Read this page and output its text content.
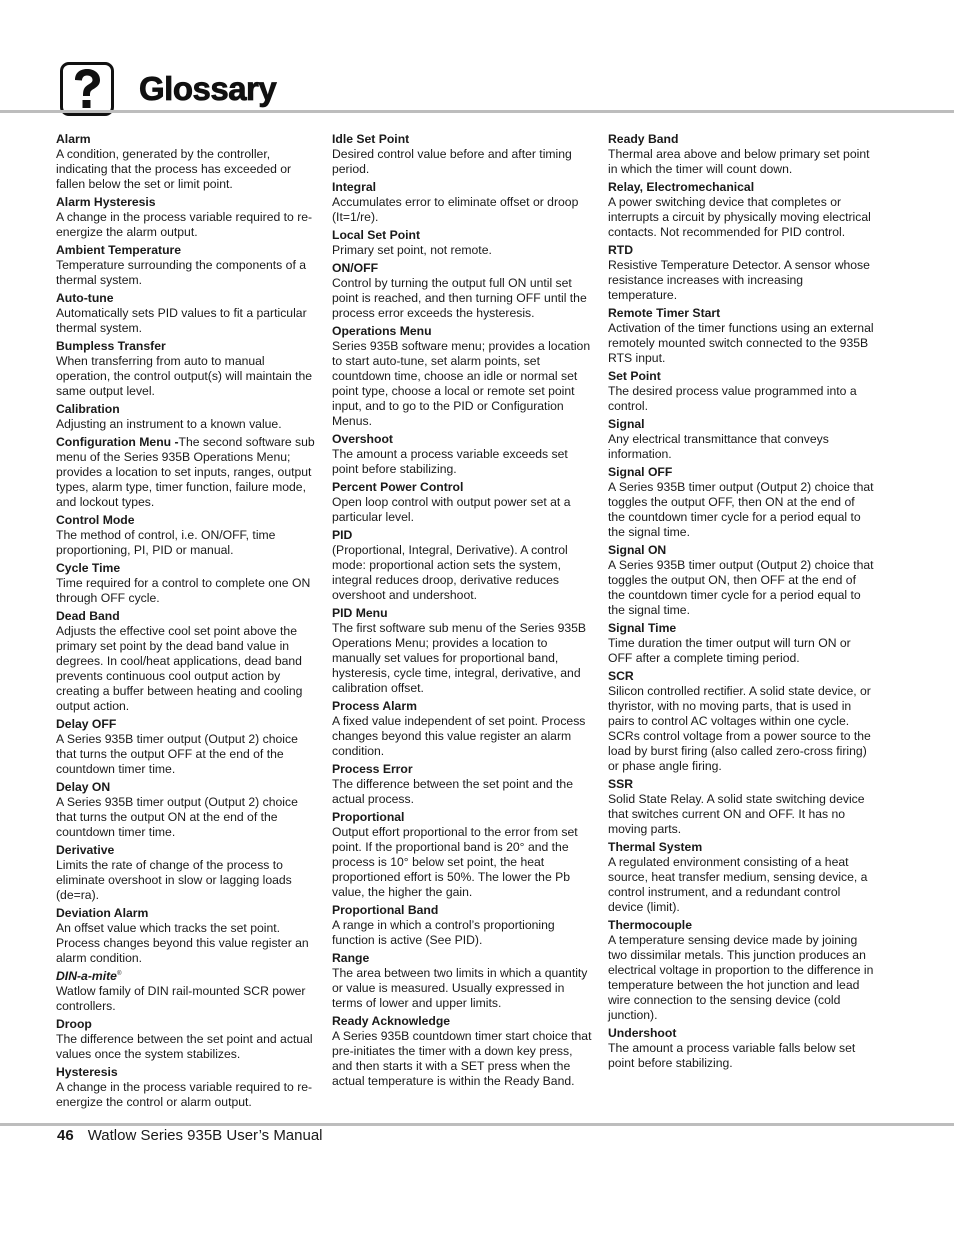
Glossary
Alarm
A condition, generated by the controller, indicating that the process has exceeded or fallen below the set or limit point.
Alarm Hysteresis
A change in the process variable required to re-energize the alarm output.
Ambient Temperature
Temperature surrounding the components of a thermal system.
Auto-tune
Automatically sets PID values to fit a particular thermal system.
Bumpless Transfer
When transferring from auto to manual operation, the control output(s) will maintain the same output level.
Calibration
Adjusting an instrument to a known value.
Configuration Menu -The second software sub menu of the Series 935B Operations Menu; provides a location to set inputs, ranges, output types, alarm type, timer function, failure mode, and lockout types.
Control Mode
The method of control, i.e. ON/OFF, time proportioning, PI, PID or manual.
Cycle Time
Time required for a control to complete one ON through OFF cycle.
Dead Band
Adjusts the effective cool set point above the primary set point by the dead band value in degrees. In cool/heat applications, dead band prevents continuous cool output action by creating a buffer between heating and cooling output action.
Delay OFF
A Series 935B timer output (Output 2) choice that turns the output OFF at the end of the countdown timer time.
Delay ON
A Series 935B timer output (Output 2) choice that turns the output ON at the end of the countdown timer time.
Derivative
Limits the rate of change of the process to eliminate overshoot in slow or lagging loads (de=ra).
Deviation Alarm
An offset value which tracks the set point. Process changes beyond this value register an alarm condition.
DIN-a-mite®
Watlow family of DIN rail-mounted SCR power controllers.
Droop
The difference between the set point and actual values once the system stabilizes.
Hysteresis
A change in the process variable required to re-energize the control or alarm output.
Idle Set Point
Desired control value before and after timing period.
Integral
Accumulates error to eliminate offset or droop (It=1/re).
Local Set Point
Primary set point, not remote.
ON/OFF
Control by turning the output full ON until set point is reached, and then turning OFF until the process error exceeds the hysteresis.
Operations Menu
Series 935B software menu; provides a location to start auto-tune, set alarm points, set countdown time, choose an idle or normal set point type, choose a local or remote set point input, and to go to the PID or Configuration Menus.
Overshoot
The amount a process variable exceeds set point before stabilizing.
Percent Power Control
Open loop control with output power set at a particular level.
PID
(Proportional, Integral, Derivative). A control mode: proportional action sets the system, integral reduces droop, derivative reduces overshoot and undershoot.
PID Menu
The first software sub menu of the Series 935B Operations Menu; provides a location to manually set values for proportional band, hysteresis, cycle time, integral, derivative, and calibration offset.
Process Alarm
A fixed value independent of set point. Process changes beyond this value register an alarm condition.
Process Error
The difference between the set point and the actual process.
Proportional
Output effort proportional to the error from set point. If the proportional band is 20° and the process is 10° below set point, the heat proportioned effort is 50%. The lower the Pb value, the higher the gain.
Proportional Band
A range in which a control’s proportioning function is active (See PID).
Range
The area between two limits in which a quantity or value is measured. Usually expressed in terms of lower and upper limits.
Ready Acknowledge
A Series 935B countdown timer start choice that pre-initiates the timer with a down key press, and then starts it with a SET press when the actual temperature is within the Ready Band.
Ready Band
Thermal area above and below primary set point in which the timer will count down.
Relay, Electromechanical
A power switching device that completes or interrupts a circuit by physically moving electrical contacts. Not recommended for PID control.
RTD
Resistive Temperature Detector. A sensor whose resistance increases with increasing temperature.
Remote Timer Start
Activation of the timer functions using an external remotely mounted switch connected to the 935B RTS input.
Set Point
The desired process value programmed into a control.
Signal
Any electrical transmittance that conveys information.
Signal OFF
A Series 935B timer output (Output 2) choice that toggles the output OFF, then ON at the end of the countdown timer cycle for a period equal to the signal time.
Signal ON
A Series 935B timer output (Output 2) choice that toggles the output ON, then OFF at the end of the countdown timer cycle for a period equal to the signal time.
Signal Time
Time duration the timer output will turn ON or OFF after a complete timing period.
SCR
Silicon controlled rectifier. A solid state device, or thyristor, with no moving parts, that is used in pairs to control AC voltages within one cycle. SCRs control voltage from a power source to the load by burst firing (also called zero-cross firing) or phase angle firing.
SSR
Solid State Relay. A solid state switching device that switches current ON and OFF. It has no moving parts.
Thermal System
A regulated environment consisting of a heat source, heat transfer medium, sensing device, a control instrument, and a redundant control device (limit).
Thermocouple
A temperature sensing device made by joining two dissimilar metals. This junction produces an electrical voltage in proportion to the difference in temperature between the hot junction and lead wire connection to the sensing device (cold junction).
Undershoot
The amount a process variable falls below set point before stabilizing.
46 Watlow Series 935B User’s Manual
